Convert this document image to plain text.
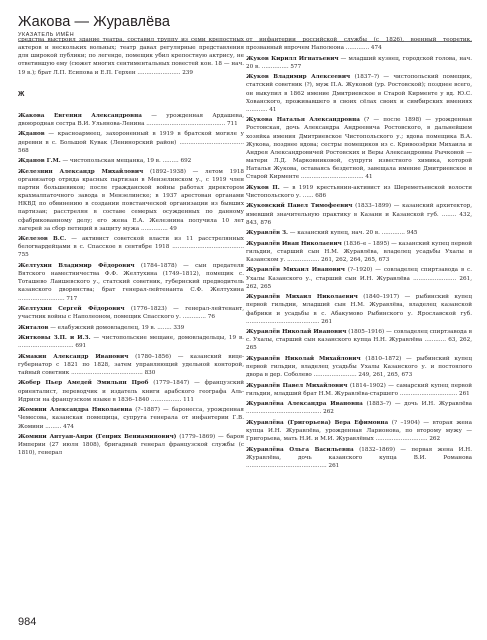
Жакова — Журавлёва
УКАЗАТЕЛЬ ИМЁН

средства выстроил здание театра, составил труппу из семи крепостных актеров и нескольких вольных; театр давал регулярные представления для широкой публики; по легенде, помещик убил крепостную актрису, не ответившую ему (сюжет многих сентиментальных повестей кон. 18 — нач. 19 в.); брат Л.П. Есипова и Е.П. Герхен ........................ 239

Ж

Жакова Евгения Александровна — урожденная Ардашева, двоюродная сестра В.И. Ульянова-Ленина ............................................ 711

Жданов — красноармеец, захороненный в 1919 в братской могиле у деревни в с. Большой Кувак (Ленинорский район) .................................... 568

Жданов Г.М. — чистопольская мещанка, 19 в. ......... 692

Железнин Александр Михайлович (1892–1938) — летом 1918 организатор отряда красных партизан в Мензелинском у., с 1919 член партии большевиков; после гражданской войны работал директором крахмалпаточного завода в Мензелинске; в 1937 арестован органами НКВД по обвинению в создании повстанческой организации из бывших партизан; расстрелян в составе семерых осужденных по данному сфабрикованному делу; его жена Е.А. Железнина получила 10 лет лагерей за сбор петиций в защиту мужа ............... 49

Железов В.С. — активист советской власти из 11 расстрелянных белогвардейцами в с. Спасское в сентябре 1918 ........................................ 755

Желтухин Владимир Фёдорович (1784–1878) — сын предателя Вятского наместничества Ф.Ф. Желтухина (1749–1812), помещик с. Тоташево Лаишевского у., статский советник, губернский предводитель казанского дворянства; брат генерал-лейтенанта С.Ф. Желтухина .......................... 717

Желтухин Сергей Фёдорович (1776–1823) — генерал-лейтенант, участник войны с Наполеоном, помещик Спасского у. ............. 76

Житалов — елабужский домовладелец, 19 в. ........ 339

Житковы З.П. и И.З. — чистопольские мещане, домовладельцы, 19 в. ............................... 691

Жмакин Александр Иванович (1780–1856) — казанский вице-губернатор с 1821 по 1828, затем управляющий удельной конторой, тайный советник ........................................ 830

Жобер Пьер Амедей Эмильян Проб (1779–1847) — французский ориенталист, переводчик и издатель книги арабского географа Аль-Идриси на французском языке в 1836–1840 ................. 111

Жомини Александра Николаевна (?–1887) — баронесса, урожденная Чемесова, казанская помещица, супруга генерала от инфантерии Г.В. Жомини ......... 474

Жомини Антуан-Анри (Генрих Вениаминович) (1779–1869) — барон Империи (27 июля 1808), бригадный генерал французской службы (с 1810), генерал

от инфантерии российской службы (с 1826), военный теоретик, прозванный впрочем Наполеона ............. 474

Жуков Кирилл Игнатьевич — младший кузнец, городской голова, нач. 20 в. ............... 577

Жуков Владимир Алексеевич (1837–?) — чистопольский помещик, статский советник (?), муж П.А. Жуковой (ур. Ростовской); позднее всего, он выкупил в 1862 имение Дмитриевское в Старой Кирменте у вд. Ю.С. Хованского, проживавшего в своих сёлах своих и симбирских имениях ............ 41

Жукова Наталья Александровна (? — после 1898) — урожденная Ростовская, дочь Александра Андреевича Ростовского, в дальнейшем хозяйка имения Дмитриевское Чистопольского у.; вдова помещика В.А. Жукова, позднее вдова; сестры помещиков из с. Кривоозёрки Михаила и Андрея Александровичей Ростовских и Веры Александровны Рычковой — матери Л.Д. Марковниковой, супруги известного химика, которой Наталья Жукова, оставаясь бездетной, завещала имение Дмитриевское в Старой Кирменте ................................... 41

Жуков П. — в 1919 крестьянин-активист из Шереметьевской волости Чистопольского у. ...... 686

Жуковский Павел Тимофеевич (1833–1899) — казанский архитектор, имевший значительную практику в Казани и Казанской губ. ........ 432, 843, 876

Журавлёв З. — казанский купец, нач. 20 в. ............. 945

Журавлёв Иван Николаевич (1836–е – 1895) — казанский купец первой гильдии, старший сын Н.М. Журавлёва, владелец усадьбы Ухалы в Казанском у. .................. 261, 262, 264, 265, 673

Журавлёв Михаил Иванович (?–1920) — совладелец спиртзавода в с. Ухалы Казанского у., старший сын И.Н. Журавлёва ........................ 261, 262, 265

Журавлёв Михаил Николаевич (1840–1917) — рыбинский купец первой гильдии, младший сын Н.М. Журавлёва, владелец казанской фабрики и усадьбы в с. Абакумово Рыбинского у. Ярославской губ. ......................................... 261

Журавлёв Николай Иванович (1805–1916) — совладелец спиртзавода в с. Ухалы, старший сын казанского купца Н.Н. Журавлёва ............ 63, 262, 265

Журавлёв Николай Михайлович (1810–1872) — рыбинский купец первой гильдии, владелец усадьбы Ухалы Казанского у. и постоялого двора в дер. Соболево ........................ 249, 261, 265, 673

Журавлёв Павел Михайлович (1814–1902) — самарский купец первой гильдии, младший брат Н.М. Журавлёва-старшего ................................ 261

Журавлёва Александра Ивановна (1883–?) — дочь И.Н. Журавлёва .......................................... 262

Журавлёва (Григорьева) Вера Ефимовна (? –1904) — вторая жена купца И.Н. Журавлёва, урожденная Ларионова, по второму мужу — Григорьева, мать Н.И. и М.И. Журавлёвых ............................. 262

Журавлёва Ольга Васильевна (1832–1869) — первая жена И.Н. Журавлёва, дочь казанского купца В.И. Романова ............................................. 261

984
